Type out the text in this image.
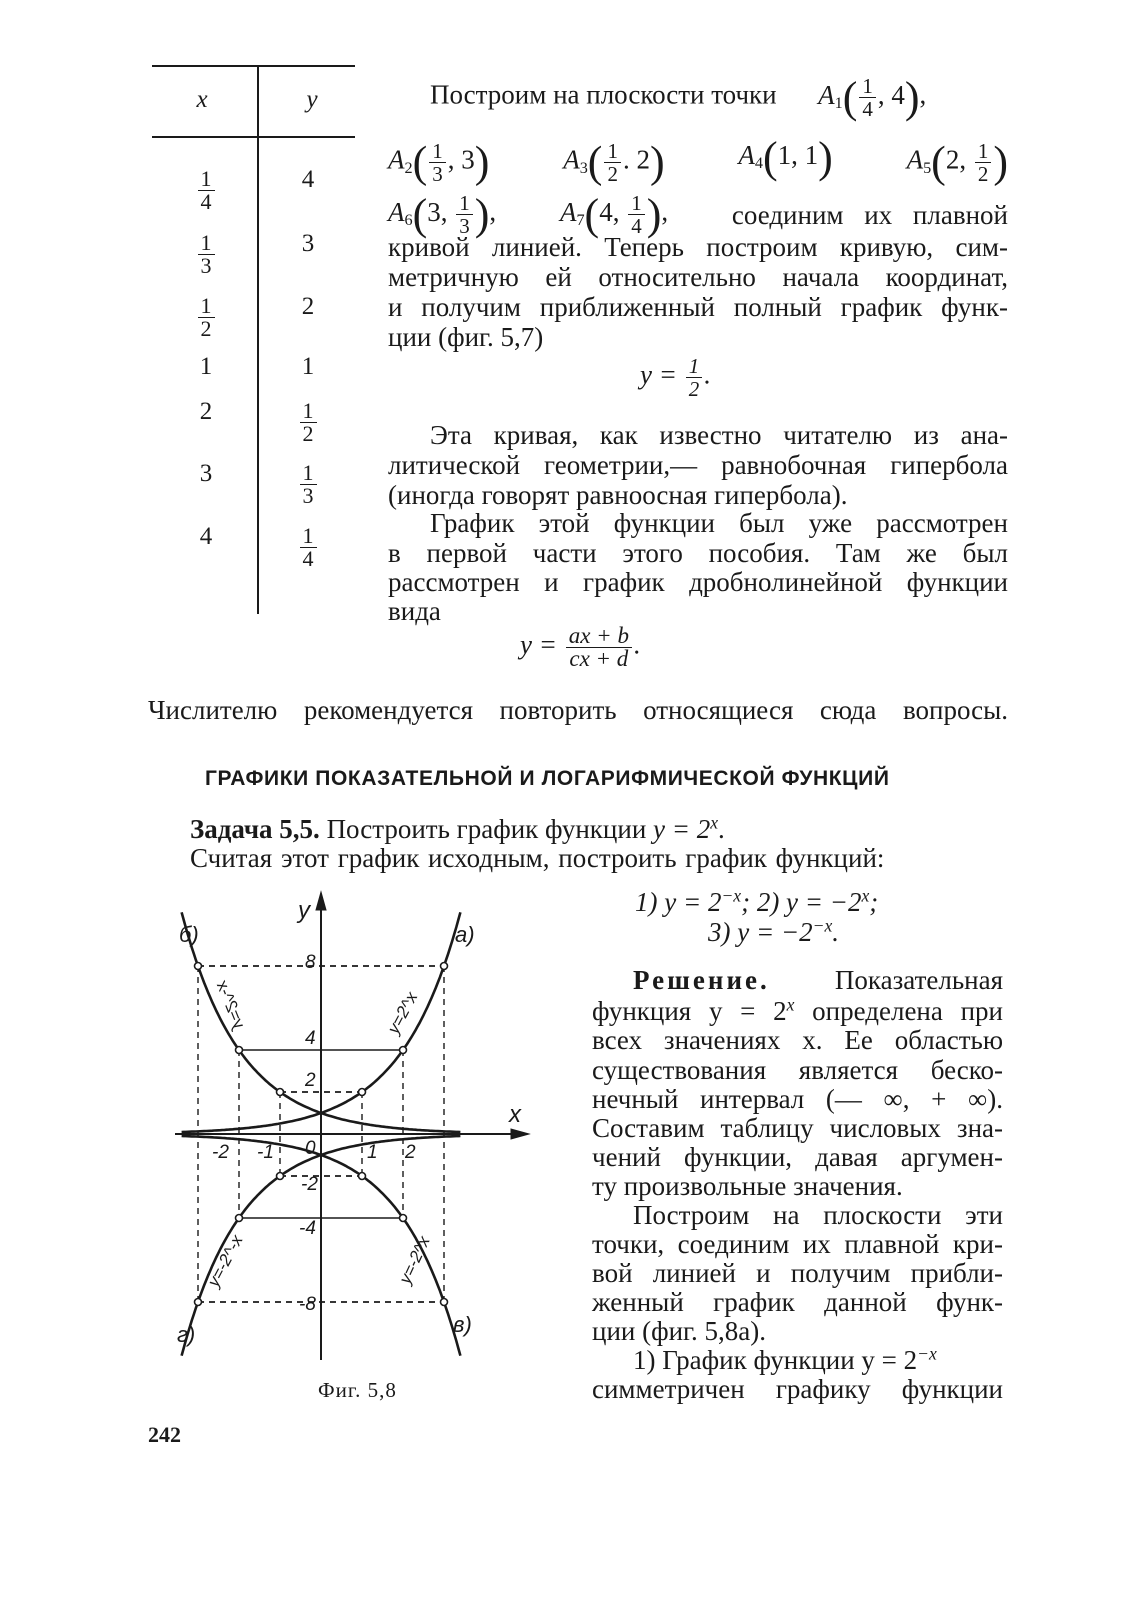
x	y
$\frac{1}{4}$	4
$\frac{1}{3}$	3
$\frac{1}{2}$	2
1	1
2	$\frac{1}{2}$
3	$\frac{1}{3}$
4	$\frac{1}{4}$
Построим на плоскости точки $A_1( \frac{1}{4}$ , 4),
$A_2( \frac{1}{3}$ , 3)	$A_3( \frac{1}{2}$ . 2)	$A_4(1$, 1)	$A_5(2$, $\frac{1}{2}$ )
$A_6(3$, $\frac{1}{3}$ ), $A_7(4$, $\frac{1}{4}$ ), соединим их плавной
кривой линией. Теперь построим кривую, сим-
метричную ей относительно начала координат,
и получим приближенный полный график функ-
ции (фиг. 5,7)
$y = \frac{1}{2}$ .
Эта кривая, как известно читателю из ана-
литической геометрии,— равнобочная гипербола
(иногда говорят равноосная гипербола).
График этой функции был уже рассмотрен
в первой части этого пособия. Там же был
рассмотрен и график дробнолинейной функции
вида
$y = \frac{ax + b}{cx + d}$ .
Числителю рекомендуется повторить относящиеся сюда вопросы.
ГРАФИКИ ПОКАЗАТЕЛЬНОЙ И ЛОГАРИФМИЧЕСКОЙ ФУНКЦИЙ
Задача 5,5. Построить график функции $y = 2^x$.
Считая этот график исходным, построить график функций:
1) $y = 2^{-x}$; 2) $y = -2^x$;
3) $y = -2^{-x}$.
Решение. Показательная
функция $y = 2^x$ определена при
всех значениях x. Ее областью
существования является беско-
нечный интервал (— ∞, + ∞).
Составим таблицу числовых зна-
чений функции, давая аргумен-
ту произвольные значения.
Построим на плоскости эти
точки, соединим их плавной кри-
вой линией и получим прибли-
женный график данной функ-
ции (фиг. 5,8a).
1) График функции $y = 2^{-x}$
симметричен графику функции
y
x
0
8
4
2
-2
-4
-8
-2 -1	1 2
а)
б)
в)
г)
y=2^x
y=2^-x
y=-2^x
y=-2^-x
Фиг. 5,8
242
